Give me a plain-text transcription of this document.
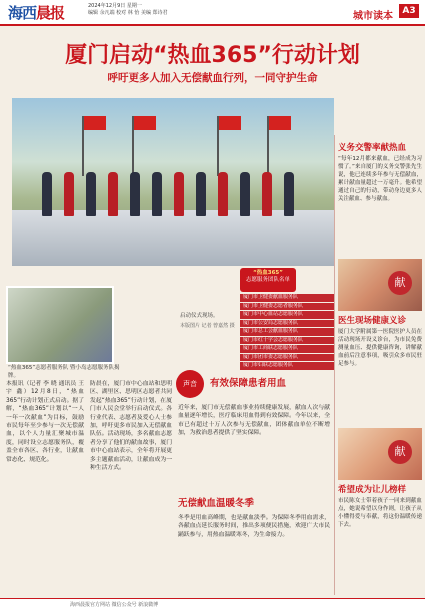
海西晨报	2024年12月9日 星期一
编辑 余凡端 校对 林 怡 美编 郑诗君	城市读本	A3
厦门启动“热血365”行动计划
呼吁更多人加入无偿献血行列，一同守护生命
“热血365”志愿者服务队 暨小岛志愿服务队揭牌。
启动仪式现场。
本版图片 记者 曾嘉然 摄
“热血365”
志愿服务团队名单
厦门市卫健委献血服务队
厦门市卫健委志愿者服务队
厦门市中心血站志愿服务队
厦门市公安局志愿服务队
厦门市总工会献血服务队
厦门市红十字会志愿服务队
厦门市工商联志愿服务队
厦门市团市委志愿服务队
厦门市妇联志愿服务队
本报讯（记者 李 晓 通讯员 王 宇 鑫）12月8日，“热血365”行动计划正式启动。据了解，“热血365”计划以“一人一年一次献血”为目标，鼓励市民每年至少参与一次无偿献血，以个人力量汇聚城市温度，同时设立志愿服务队，覆盖全市各区、各行业，让献血常态化、规范化。
防晨在，厦门市中心血站和思明区、湖里区、思明区志愿者共同发起“热血365”行动计划，在厦门市人民会堂举行启动仪式。各行业代表、志愿者及爱心人士参加，呼吁更多市民加入无偿献血队伍。活动现场，多名献血志愿者分享了他们的献血故事，厦门市中心血站表示，全年将开展更多主题献血活动，让献血成为一种生活方式。
声音	有效保障患者用血
近年来，厦门市无偿献血事业持续健康发展，献血人次与献血量逐年增长，医疗临床用血得到有效保障。今年以来，全市已有超过十万人次参与无偿献血，团体献血单位不断增加，为救治患者提供了坚实保障。
无偿献血温暖冬季
冬季是用血高峰期，也是献血淡季。为保障冬季用血需求，各献血点延长服务时间，推出多项便民措施，欢迎广大市民踊跃参与，用热血温暖寒冬，为生命接力。
义务交警率献热血
“每年12月都来献血，已经成为习惯了。”来自厦门的义务交警张先生说，他已连续多年参与无偿献血，累计献血量超过一万毫升。他希望通过自己的行动，带动身边更多人关注献血、参与献血。
献
医生现场健康义诊
厦门大学附属第一医院医护人员在活动现场开设义诊台，为市民免费测量血压、提供健康咨询，讲解献血前后注意事项，吸引众多市民驻足参与。
献
希望成为让儿榜样
市民陈女士带着孩子一同来到献血点，她说希望以身作则，让孩子从小懂得爱与奉献，将这份温暖传递下去。
海西晨报官方网站 微信公众号 新浪微博
